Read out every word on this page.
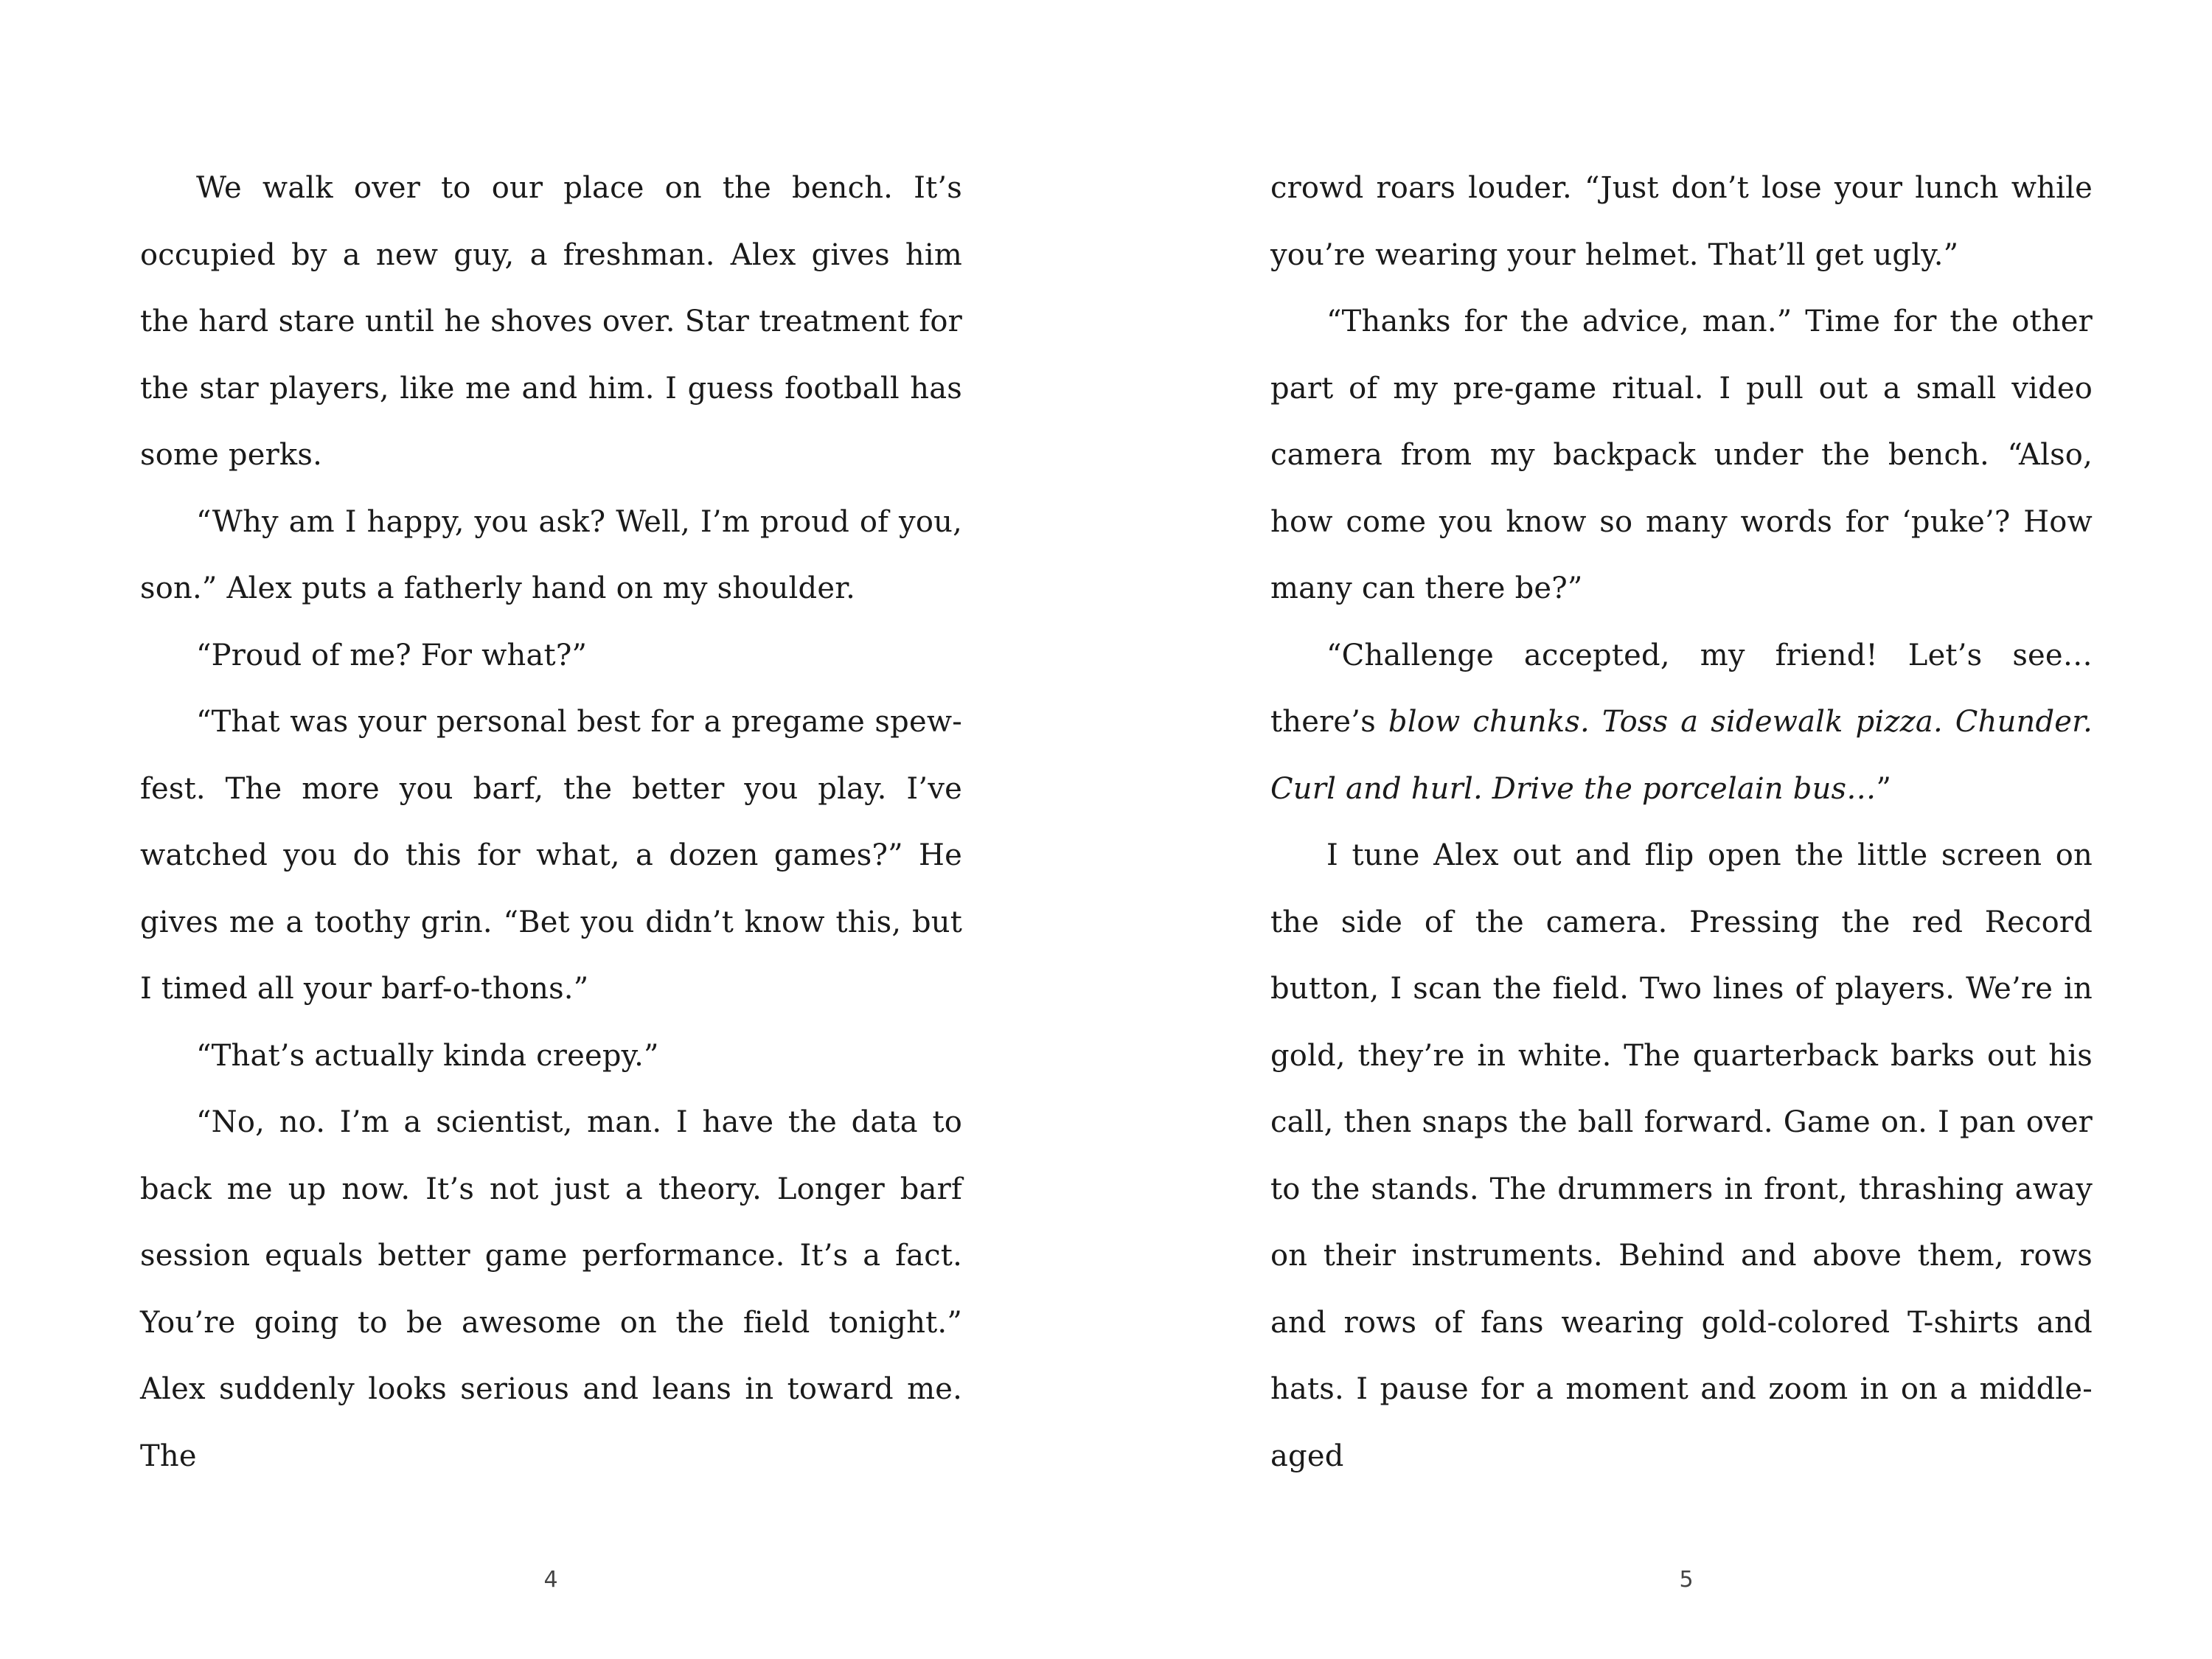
We walk over to our place on the bench. It’s occupied by a new guy, a freshman. Alex gives him the hard stare until he shoves over. Star treatment for the star players, like me and him. I guess football has some perks.

“Why am I happy, you ask? Well, I’m proud of you, son.” Alex puts a fatherly hand on my shoulder.

“Proud of me? For what?”

“That was your personal best for a pregame spew-fest. The more you barf, the better you play. I’ve watched you do this for what, a dozen games?” He gives me a toothy grin. “Bet you didn’t know this, but I timed all your barf-o-thons.”

“That’s actually kinda creepy.”

“No, no. I’m a scientist, man. I have the data to back me up now. It’s not just a theory. Longer barf session equals better game performance. It’s a fact. You’re going to be awesome on the field tonight.” Alex suddenly looks serious and leans in toward me. The

4

crowd roars louder. “Just don’t lose your lunch while you’re wearing your helmet. That’ll get ugly.”

“Thanks for the advice, man.” Time for the other part of my pre-game ritual. I pull out a small video camera from my backpack under the bench. “Also, how come you know so many words for ‘puke’? How many can there be?”

“Challenge accepted, my friend! Let’s see…there’s blow chunks. Toss a sidewalk pizza. Chunder. Curl and hurl. Drive the porcelain bus…”

I tune Alex out and flip open the little screen on the side of the camera. Pressing the red Record button, I scan the field. Two lines of players. We’re in gold, they’re in white. The quarterback barks out his call, then snaps the ball forward. Game on. I pan over to the stands. The drummers in front, thrashing away on their instruments. Behind and above them, rows and rows of fans wearing gold-colored T-shirts and hats. I pause for a moment and zoom in on a middle-aged

5
